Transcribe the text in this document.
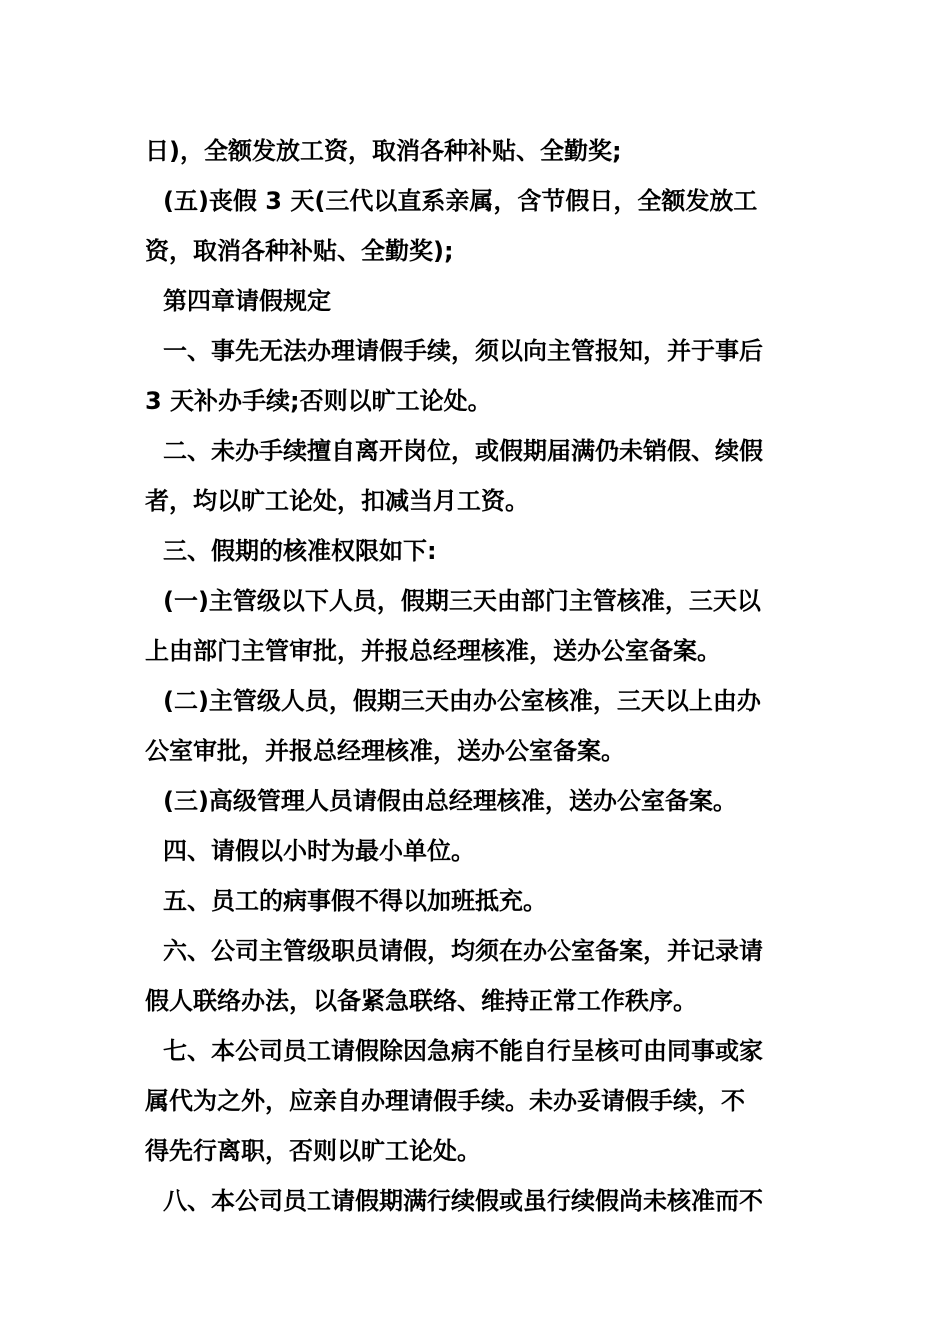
日)，全额发放工资，取消各种补贴、全勤奖;

(五)丧假 3 天(三代以直系亲属，含节假日，全额发放工

资，取消各种补贴、全勤奖);

第四章请假规定

一、事先无法办理请假手续，须以向主管报知，并于事后

3 天补办手续;否则以旷工论处。

二、未办手续擅自离开岗位，或假期届满仍未销假、续假

者，均以旷工论处，扣减当月工资。

三、假期的核准权限如下:

(一)主管级以下人员，假期三天由部门主管核准，三天以

上由部门主管审批，并报总经理核准，送办公室备案。

(二)主管级人员，假期三天由办公室核准，三天以上由办

公室审批，并报总经理核准，送办公室备案。

(三)高级管理人员请假由总经理核准，送办公室备案。

四、请假以小时为最小单位。

五、员工的病事假不得以加班抵充。

六、公司主管级职员请假，均须在办公室备案，并记录请

假人联络办法，以备紧急联络、维持正常工作秩序。

七、本公司员工请假除因急病不能自行呈核可由同事或家

属代为之外，应亲自办理请假手续。未办妥请假手续，不

得先行离职，否则以旷工论处。

八、本公司员工请假期满行续假或虽行续假尚未核准而不
